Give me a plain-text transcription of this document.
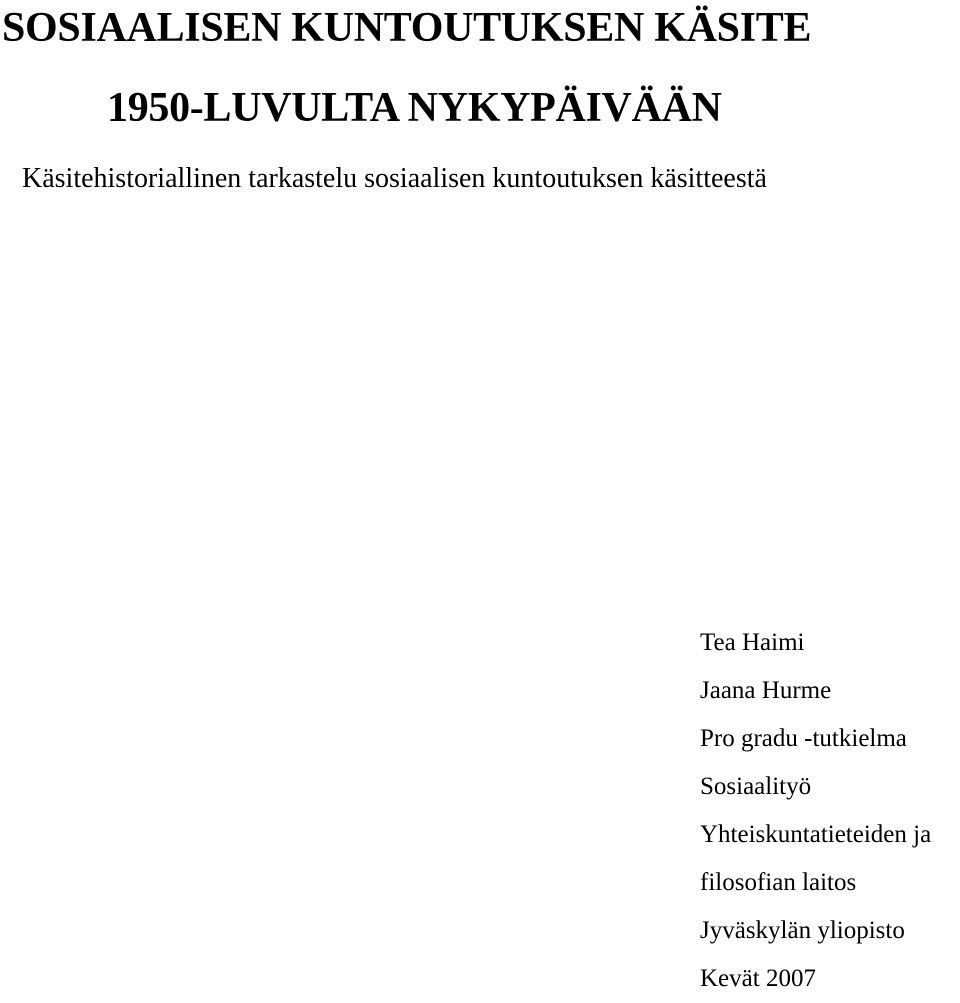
SOSIAALISEN KUNTOUTUKSEN KÄSITE
1950-LUVULTA NYKYPÄIVÄÄN
Käsitehistoriallinen tarkastelu sosiaalisen kuntoutuksen käsitteestä

Tea Haimi

Jaana Hurme

Pro gradu -tutkielma

Sosiaalityö

Yhteiskuntatieteiden ja

filosofian laitos

Jyväskylän yliopisto

Kevät 2007
